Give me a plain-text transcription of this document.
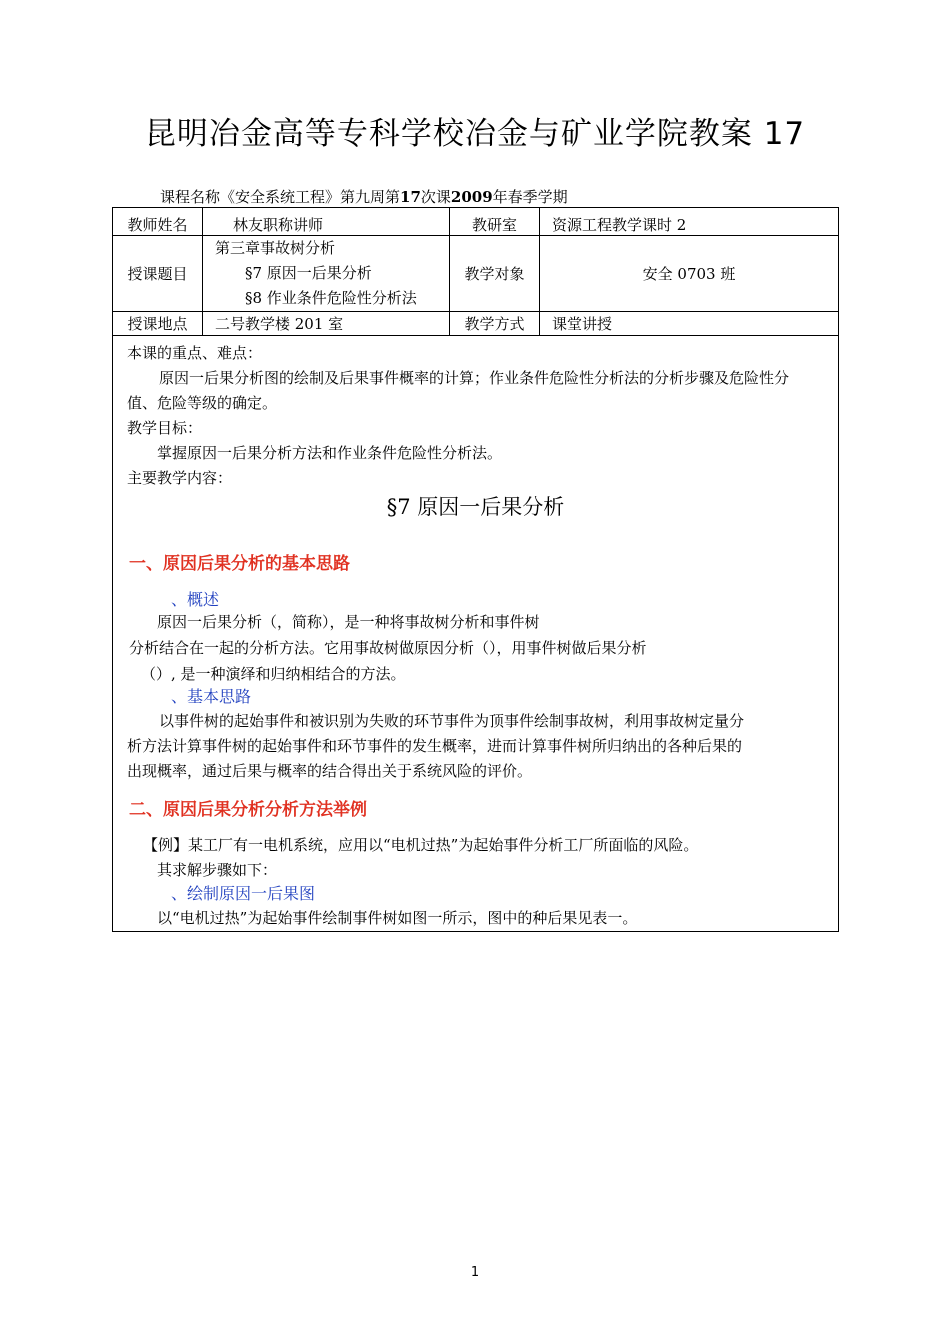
昆明冶金高等专科学校冶金与矿业学院教案 17
课程名称《安全系统工程》第九周第17次课2009年春季学期
教师姓名	林友职称讲师	教研室	资源工程教学课时 2
授课题目	第三章事故树分析
§7 原因一后果分析
§8 作业条件危险性分析法	教学对象	安全 0703 班
授课地点	二号教学楼 201 室	教学方式	课堂讲授
本课的重点、难点：
原因一后果分析图的绘制及后果事件概率的计算；作业条件危险性分析法的分析步骤及危险性分
值、危险等级的确定。
教学目标：
掌握原因一后果分析方法和作业条件危险性分析法。
主要教学内容：
§7 原因一后果分析
一、原因后果分析的基本思路
、概述
原因一后果分析（，简称），是一种将事故树分析和事件树
分析结合在一起的分析方法。它用事故树做原因分析（），用事件树做后果分析
（）, 是一种演绎和归纳相结合的方法。
、基本思路
以事件树的起始事件和被识别为失败的环节事件为顶事件绘制事故树，利用事故树定量分
析方法计算事件树的起始事件和环节事件的发生概率，进而计算事件树所归纳出的各种后果的
出现概率，通过后果与概率的结合得出关于系统风险的评价。
二、原因后果分析分析方法举例
【例】某工厂有一电机系统，应用以“电机过热”为起始事件分析工厂所面临的风险。
其求解步骤如下：
、绘制原因一后果图
以“电机过热”为起始事件绘制事件树如图一所示，图中的种后果见表一。
1
